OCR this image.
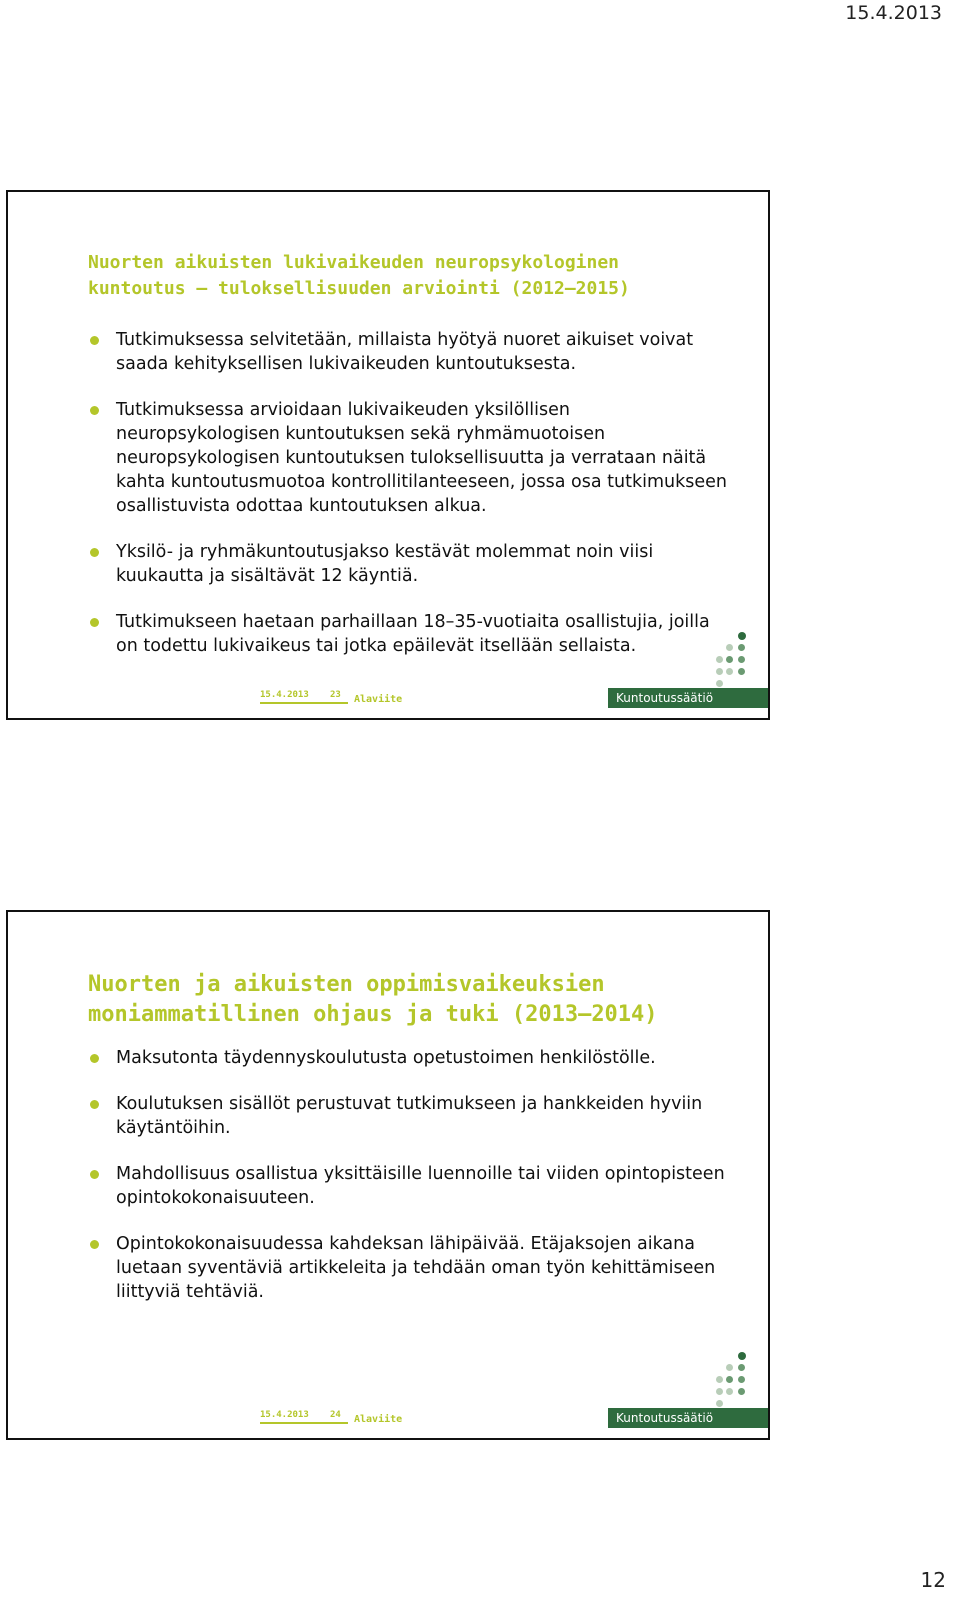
15.4.2013
Nuorten aikuisten lukivaikeuden neuropsykologinen
kuntoutus – tuloksellisuuden arviointi (2012–2015)
Tutkimuksessa selvitetään, millaista hyötyä nuoret aikuiset voivat saada kehityksellisen lukivaikeuden kuntoutuksesta.
Tutkimuksessa arvioidaan lukivaikeuden yksilöllisen neuropsykologisen kuntoutuksen sekä ryhmämuotoisen neuropsykologisen kuntoutuksen tuloksellisuutta ja verrataan näitä kahta kuntoutusmuotoa kontrollitilanteeseen, jossa osa tutkimukseen osallistuvista odottaa kuntoutuksen alkua.
Yksilö- ja ryhmäkuntoutusjakso kestävät molemmat noin viisi kuukautta ja sisältävät 12 käyntiä.
Tutkimukseen haetaan parhaillaan 18–35-vuotiaita osallistujia, joilla on todettu lukivaikeus tai jotka epäilevät itsellään sellaista.
15.4.2013 23 Alaviite	Kuntoutussäätiö
Nuorten ja aikuisten oppimisvaikeuksien
moniammatillinen ohjaus ja tuki (2013–2014)
Maksutonta täydennyskoulutusta opetustoimen henkilöstölle.
Koulutuksen sisällöt perustuvat tutkimukseen ja hankkeiden hyviin käytäntöihin.
Mahdollisuus osallistua yksittäisille luennoille tai viiden opintopisteen opintokokonaisuuteen.
Opintokokonaisuudessa kahdeksan lähipäivää. Etäjaksojen aikana luetaan syventäviä artikkeleita ja tehdään oman työn kehittämiseen liittyviä tehtäviä.
15.4.2013 24 Alaviite	Kuntoutussäätiö
12
